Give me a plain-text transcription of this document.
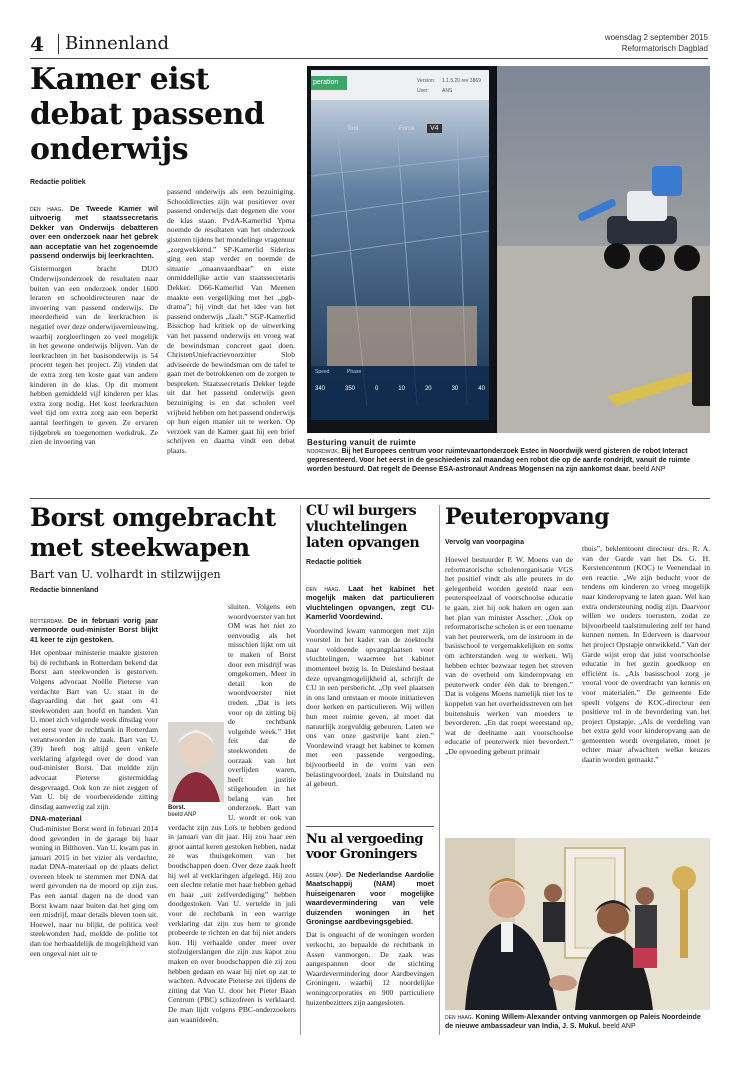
4	Binnenland	woensdag 2 september 2015
Reformatorisch Dagblad
Kamer eist
debat passend
onderwijs
Redactie politiek

den haag. De Tweede Kamer wil uitvoerig met staatssecretaris Dekker van Onderwijs debatteren over een onderzoek naar het gebrek aan acceptatie van het zogenoemde passend onderwijs bij leerkrachten.

Gistermorgen bracht DUO Onderwijsonderzoek de resultaten naar buiten van een onderzoek onder 1600 leraren en schooldirecteuren naar de invoering van passend onderwijs. De meerderheid van de leerkrachten is negatief over deze onderwijsvernieuwing, waarbij zorgleerlingen zo veel mogelijk in het gewone onderwijs blijven. Van de leerkrachten in het basisonderwijs is 54 procent tegen het project. Zij vinden dat de extra zorg ten koste gaat van andere kinderen in de klas. Op dit moment hebben gemiddeld vijf kinderen per klas extra zorg nodig. Het kost leerkrachten veel tijd om extra zorg aan een beperkt aantal leerlingen te geven. Ze ervaren tijdgebrek en toegenomen werkdruk. Ze zien de invoering van

passend onderwijs als een bezuiniging. Schooldirecties zijn wat positiever over passend onderwijs dan degenen die voor de klas staan. PvdA-Kamerlid Ypma noemde de resultaten van het onderzoek gisteren tijdens het mondelinge vragenuur „zorgwekkend.” SP-Kamerlid Siderius ging een stap verder en noemde de situatie „onaanvaardbaar” en eiste onmiddellijke actie van staatssecretaris Dekker. D66-Kamerlid Van Meenen maakte een vergelijking met het „pgb-drama”; hij vindt dat het idee van het passend onderwijs „faalt.” SGP-Kamerlid Bisschop had kritiek op de uitwerking van het passend onderwijs en vroeg wat de bewindsman concreet gaat doen. ChristenUniefractievoorzitter Slob adviseerde de bewindsman om de tafel te gaan met de betrokkenen om de zorgen te bespreken. Staatssecretaris Dekker legde uit dat het passend onderwijs geen bezuiniging is en dat scholen veel vrijheid hebben om het passend onderwijs op hun eigen manier uit te werken. Op verzoek van de Kamer gaat hij een brief schrijven en daarna vindt een debat plaats.

Version: 1.1.5.20 rev 3869
User:	ANS
peration
Tool	Force	V4
Speed	Phase
340	350	0	10	20	30	40
Besturing vanuit de ruimte
noordwijk. Bij het Europees centrum voor ruimtevaartonderzoek Estec in Noordwijk werd gisteren de robot Interact gepresenteerd. Voor het eerst in de geschiedenis zal maandag een robot die op de aarde rondrijdt, vanuit de ruimte worden bestuurd. Dat regelt de Deense ESA-astronaut Andreas Mogensen na zijn aankomst daar. beeld ANP
Borst omgebracht
met steekwapen
Bart van U. volhardt in stilzwijgen
Redactie binnenland

rotterdam. De in februari vorig jaar vermoorde oud-minister Borst blijkt 41 keer te zijn gestoken.

Het openbaar ministerie maakte gisteren bij de rechtbank in Rotterdam bekend dat Borst aan steekwonden is gestorven. Volgens advocaat Noëlle Pieterse van verdachte Bart van U. staat in de dagvaarding dat het gaat om 41 steekwonden aan hoofd en handen. Van U. moet zich volgende week dinsdag voor het eerst voor de rechtbank in Rotterdam verantwoorden in de zaak. Bart van U. (39) heeft nog altijd geen enkele verklaring afgelegd over de dood van oud-minister Borst. Dat meldde zijn advocaat Pieterse gistermiddag desgevraagd. Ook kon ze niet zeggen of Van U. bij de voorbereidende zitting dinsdag aanwezig zal zijn.

DNA-materiaal

Oud-minister Borst werd in februari 2014 dood gevonden in de garage bij haar woning in Bilthoven. Van U. kwam pas in januari 2015 in het vizier als verdachte, nadat DNA-materiaal op de plaats delict overeen bleek te stemmen met DNA dat werd gevonden na de moord op zijn zus. Pas een aantal dagen na de dood van Borst kwam naar buiten dat het ging om een misdrijf, maar details bleven toen uit. Hoewel, naar nu blijkt, de politica veel steekwonden had, meldde de politie tot dan toe herhaaldelijk de mogelijkheid van een ongeval niet uit te

Borst.
beeld ANP

sluiten. Volgens een woordvoerster van het OM was het niet zo eenvoudig als het misschien lijkt om uit te maken of Borst door een misdrijf was omgekomen. Meer in detail kon de woordvoerster niet treden. „Dat is iets voor op de zitting bij de rechtbank volgende week.” Het feit dat de steekwonden de oorzaak van het overlijden waren, heeft justitie stilgehouden in het belang van het onderzoek. Bart van U. wordt er ook van verdacht zijn zus Loïs te hebben gedood in januari van dit jaar. Hij zou haar een groot aantal keren gestoken hebben, nadat ze was thuisgekomen van het boodschappen doen. Over deze zaak heeft hij wel al verklaringen afgelegd. Hij zou een slechte relatie met haar hebben gehad en haar „uit zelfverdediging” hebben doodgestoken. Van U. vertelde in juli voor de rechtbank in een warrige verklaring dat zijn zus hem te gronde probeerde te richten en dat hij niet anders kon. Hij verhaalde onder meer over stofzuigerslangen die zijn zus kapot zou maken en over boodschappen die zij zou hebben gedaan en waar hij niet op zat te wachten. Advocate Pieterse zei tijdens de zitting dat Van U. door het Pieter Baan Centrum (PBC) schizofreen is verklaard. De man lijdt volgens PBC-onderzoekers aan waanideeën.

CU wil burgers
vluchtelingen
laten opvangen
Redactie politiek

den haag. Laat het kabinet het mogelijk maken dat particulieren vluchtelingen opvangen, zegt CU-Kamerlid Voordewind.

Voordewind kwam vanmorgen met zijn voorstel in het kader van de zoektocht naar voldoende opvangplaatsen voor vluchtelingen, waarmee het kabinet momenteel bezig is. In Duitsland bestaat deze opvangmogelijkheid al, schrijft de CU in een persbericht. „Op veel plaatsen in ons land ontstaan er mooie initiatieven door kerken en particulieren. Wij willen hun meer ruimte geven, al moet dat natuurlijk zorgvuldig gebeuren. Laten we ons van onze gastvrije kant zien.” Voordewind vraagt het kabinet te komen met een passende vergoeding, bijvoorbeeld in de vorm van een belastingvoordeel, zoals in Duitsland nu al gebeurt.

Nu al vergoeding
voor Groningers

assen (anp). De Nederlandse Aardolie Maatschappij (NAM) moet huiseigenaren voor mogelijke waardevermindering van vele duizenden woningen in het Groningse aardbevingsgebied.

Dat is ongeacht of de woningen worden verkocht, zo bepaalde de rechtbank in Assen vanmorgen. De zaak was aangespannen door de stichting Waardevermindering door Aardbevingen Groningen, waarbij 12 noordelijke woningcorporaties en 900 particuliere huizenbezitters zijn aangesloten.

Peuteropvang
Vervolg van voorpagina

Hoewel bestuurder P. W. Moens van de reformatorische scholenorganisatie VGS het positief vindt als alle peuters in de gelegenheid worden gesteld naar een peuterspeelzaal of voorschoolse educatie te gaan, ziet hij ook haken en ogen aan het plan van minister Asscher. „Ook op reformatorische scholen is er een toename van het peuterwerk, om de instroom in de basisschool te vergemakkelijken en soms om achterstanden weg te werken. Wij hebben echter bezwaar tegen het streven van de overheid om kinderopvang en peuterwerk onder één dak te brengen.” Dat is volgens Moens namelijk niet los te koppelen van het overheidsstreven om het buitenshuis werken van moeders te bevorderen. „En dat roept weerstand op, wat de deelname aan voorschoolse educatie of peuterwerk niet bevordert.” „De opvoeding gebeurt primair

thuis”, beklemtoont directeur drs. R. A. van der Garde van het Ds. G. H. Kerstencentrum (KOC) te Veenendaal in een reactie. „We zijn beducht voor de tendens om kinderen zo vroeg mogelijk naar kinderopvang te laten gaan. Wel kan extra ondersteuning nodig zijn. Daarvoor willen we ouders toerusten, zodat ze bijvoorbeeld taalstimulering zelf ter hand kunnen nemen. In Ederveen is daarvoor het project Opstapje ontwikkeld.” Van der Garde wijst erop dat juist voorschoolse educatie in het gezin goedkoop en efficiënt is. „Als basisschool zorg je vooral voor de overdracht van kennis en voor materialen.” De gemeente Ede speelt volgens de KOC-directeur een positieve rol in de bevordering van het project Opstapje. „Als de verdeling van het extra geld voor kinderopvang aan de gemeenten wordt overgelaten, moet je echter maar afwachten welke keuzes daarin worden gemaakt.”

den haag. Koning Willem-Alexander ontving vanmorgen op Paleis Noordeinde de nieuwe ambassadeur van India, J. S. Mukul. beeld ANP
